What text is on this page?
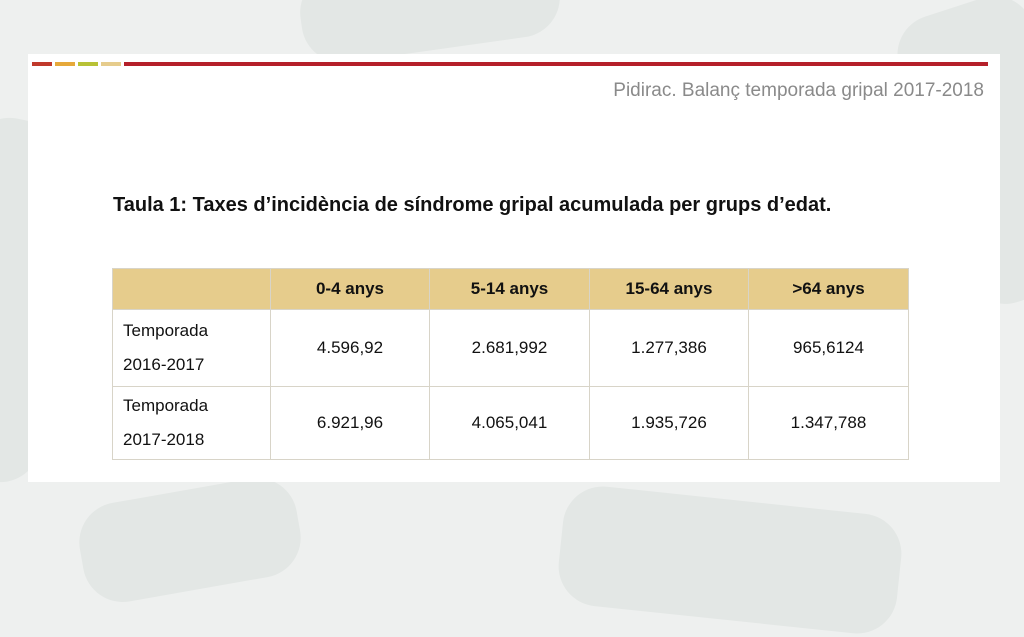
Pidirac. Balanç temporada gripal 2017-2018
Taula 1: Taxes d’incidència de síndrome gripal acumulada per grups d’edat.
	0-4 anys	5-14 anys	15-64 anys	>64 anys

Temporada
2016-2017	4.596,92	2.681,992	1.277,386	965,6124

Temporada
2017-2018	6.921,96	4.065,041	1.935,726	1.347,788
